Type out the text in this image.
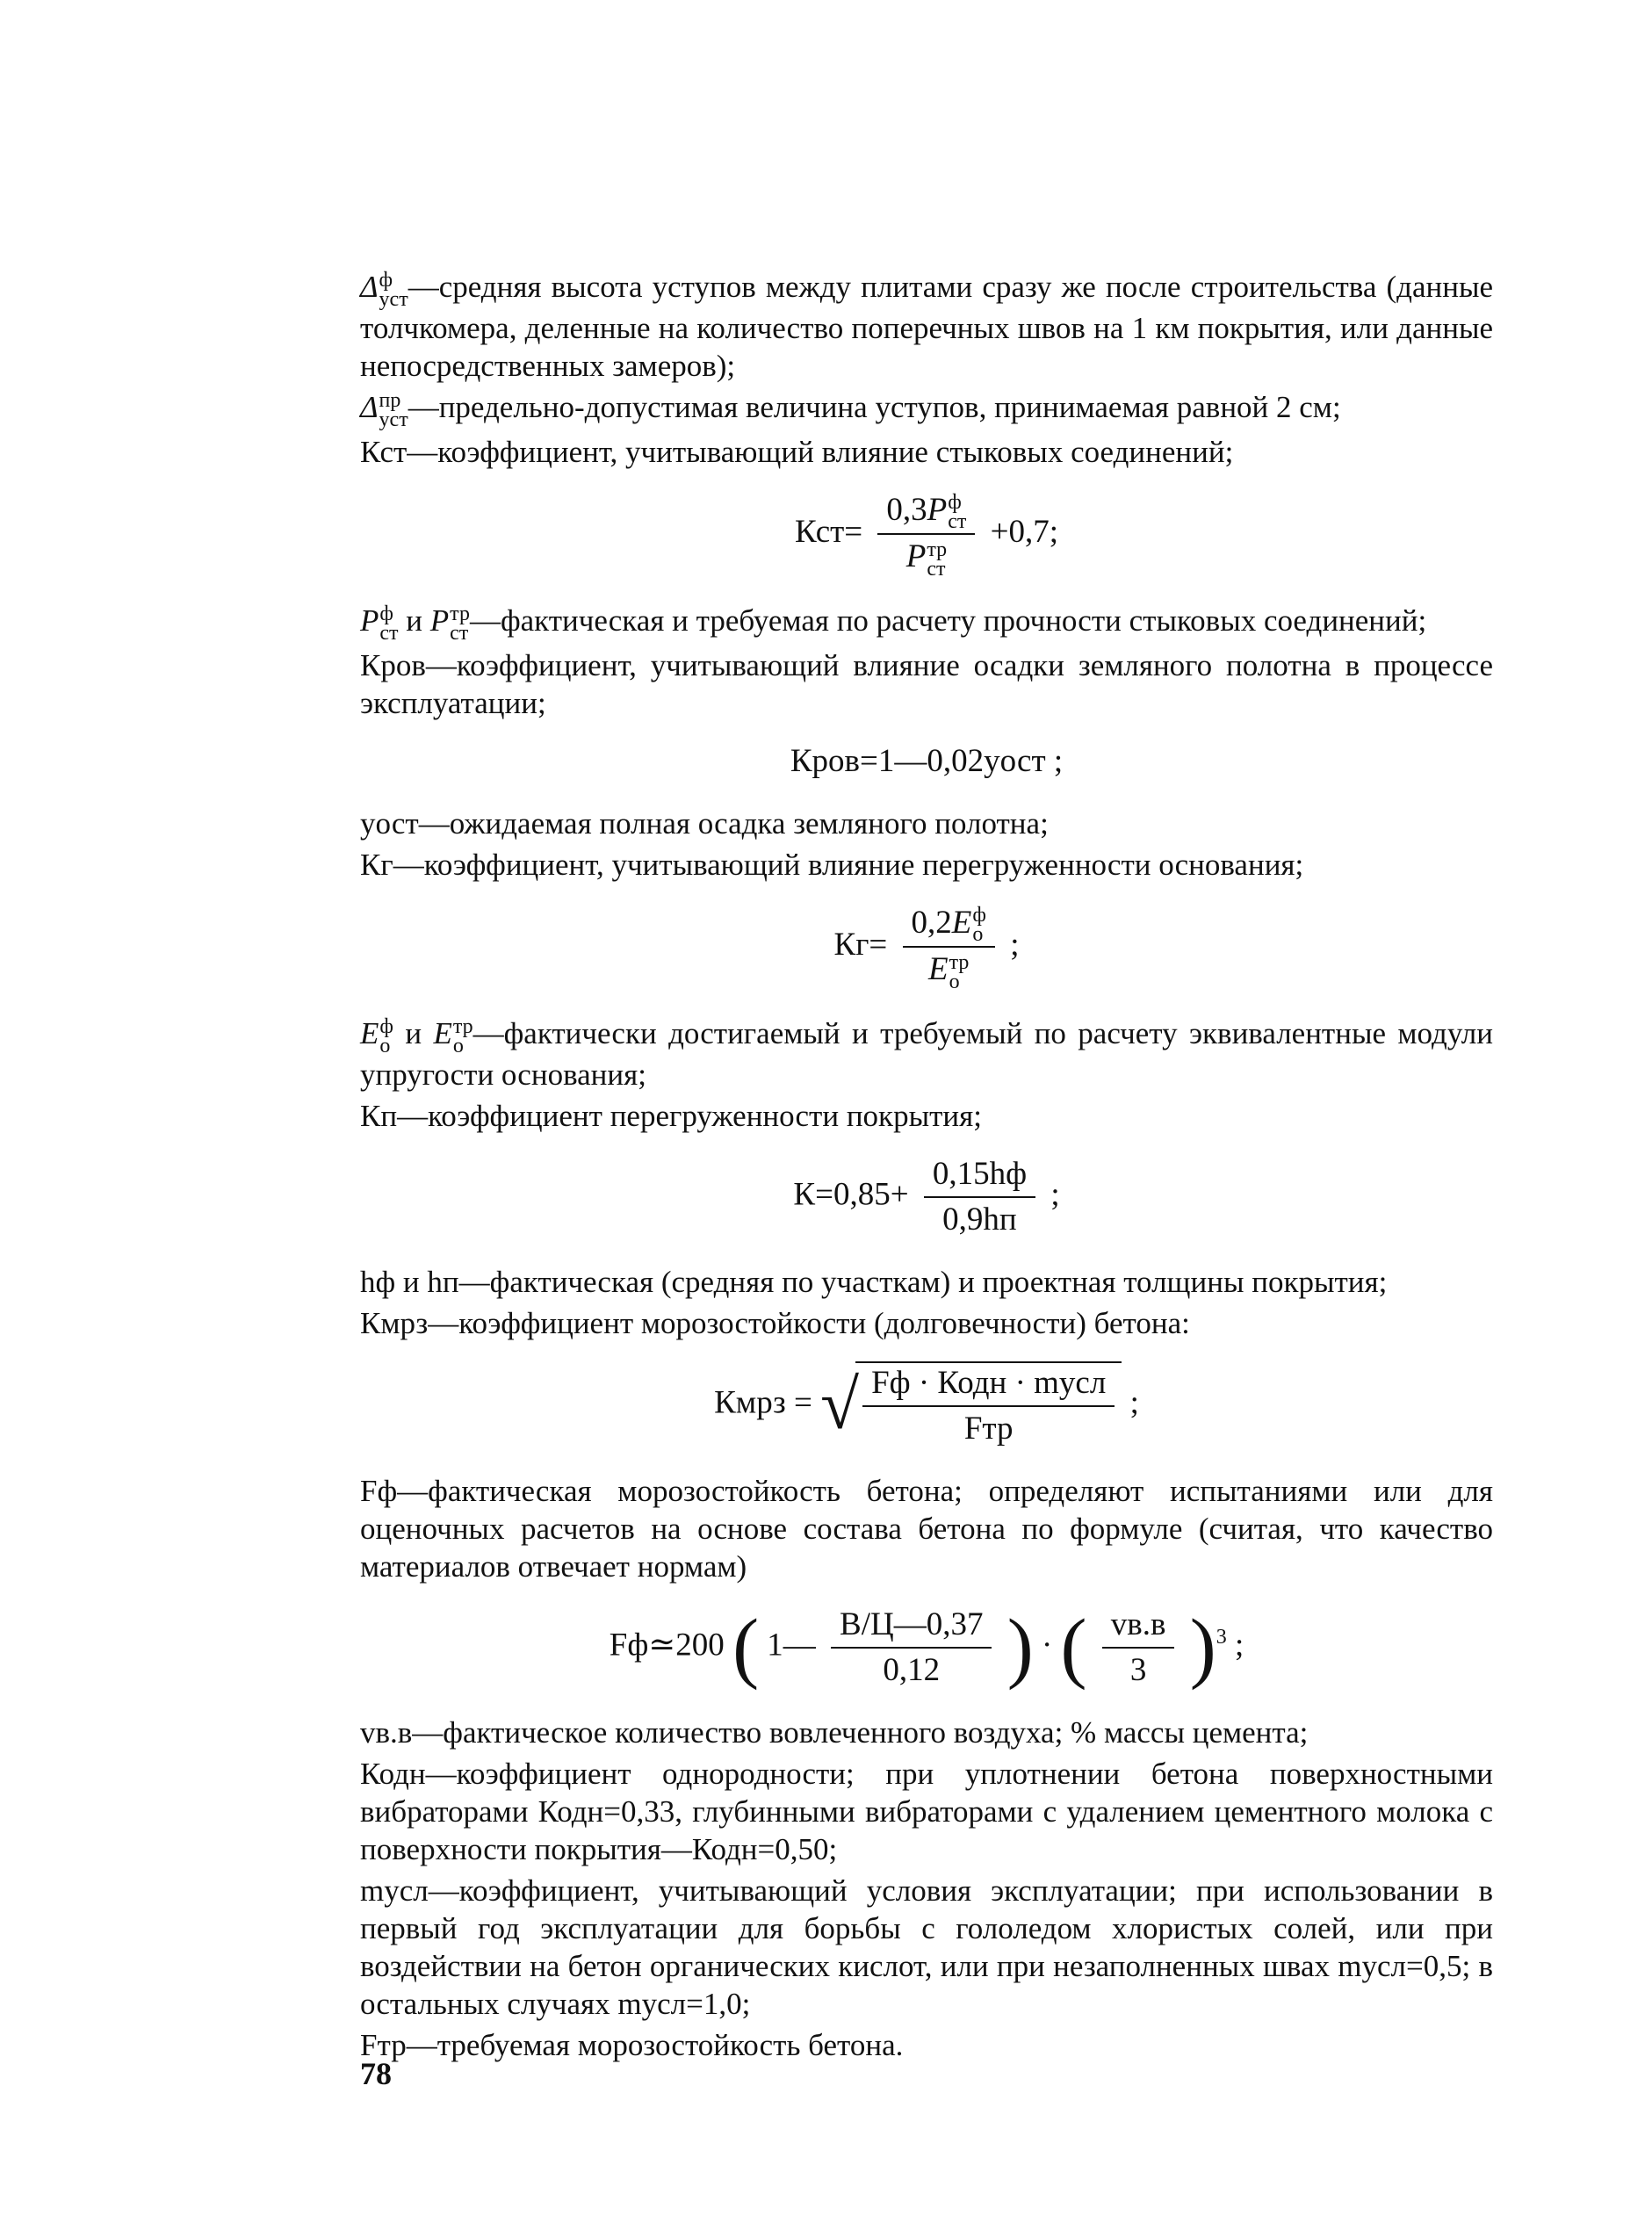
Δ ф
уст —средняя высота уступов между плитами сразу же после строительства (данные толчкомера, деленные на количество поперечных швов на 1 км покрытия, или данные непосредственных замеров);

Δ пр
уст —предельно-допустимая величина уступов, принимаемая равной 2 см;

Кст—коэффициент, учитывающий влияние стыковых соединений;

Кст= 0,3P ф
ст
P тр
ст +0,7;

P ф
ст и P тр
ст —фактическая и требуемая по расчету прочности стыковых соединений;

Кров—коэффициент, учитывающий влияние осадки земляного полотна в процессе эксплуатации;

Кров=1—0,02yост ;

yост—ожидаемая полная осадка земляного полотна;

Кг—коэффициент, учитывающий влияние перегруженности основания;

Кг= 0,2E ф
о
E тр
о ;

E ф
о и E тр
о —фактически достигаемый и требуемый по расчету эквивалентные модули упругости основания;

Кп—коэффициент перегруженности покрытия;

$К=0,85+ \frac{0,15hф}{0,9hп}$ ;

hф и hп—фактическая (средняя по участкам) и проектная толщины покрытия;

Кмрз—коэффициент морозостойкости (долговечности) бетона:

Кмрз = √ $\frac{\text{Fф · Кодн · mусл}}{\text{Fтр}}$ ;

Fф—фактическая морозостойкость бетона; определяют испытаниями или для оценочных расчетов на основе состава бетона по формуле (считая, что качество материалов отвечает нормам)

Fф≃200 ( 1— $\frac{В/Ц—0,37}{0,12}$ ) · ( $\frac{vв.в}{3} )^3$ ;

vв.в—фактическое количество вовлеченного воздуха; % массы цемента;

Кодн—коэффициент однородности; при уплотнении бетона поверхностными вибраторами Кодн=0,33, глубинными вибраторами с удалением цементного молока с поверхности покрытия—Кодн=0,50;

mусл—коэффициент, учитывающий условия эксплуатации; при использовании в первый год эксплуатации для борьбы с гололедом хлористых солей, или при воздействии на бетон органических кислот, или при незаполненных швах mусл=0,5; в остальных случаях mусл=1,0;

Fтр—требуемая морозостойкость бетона.

78
